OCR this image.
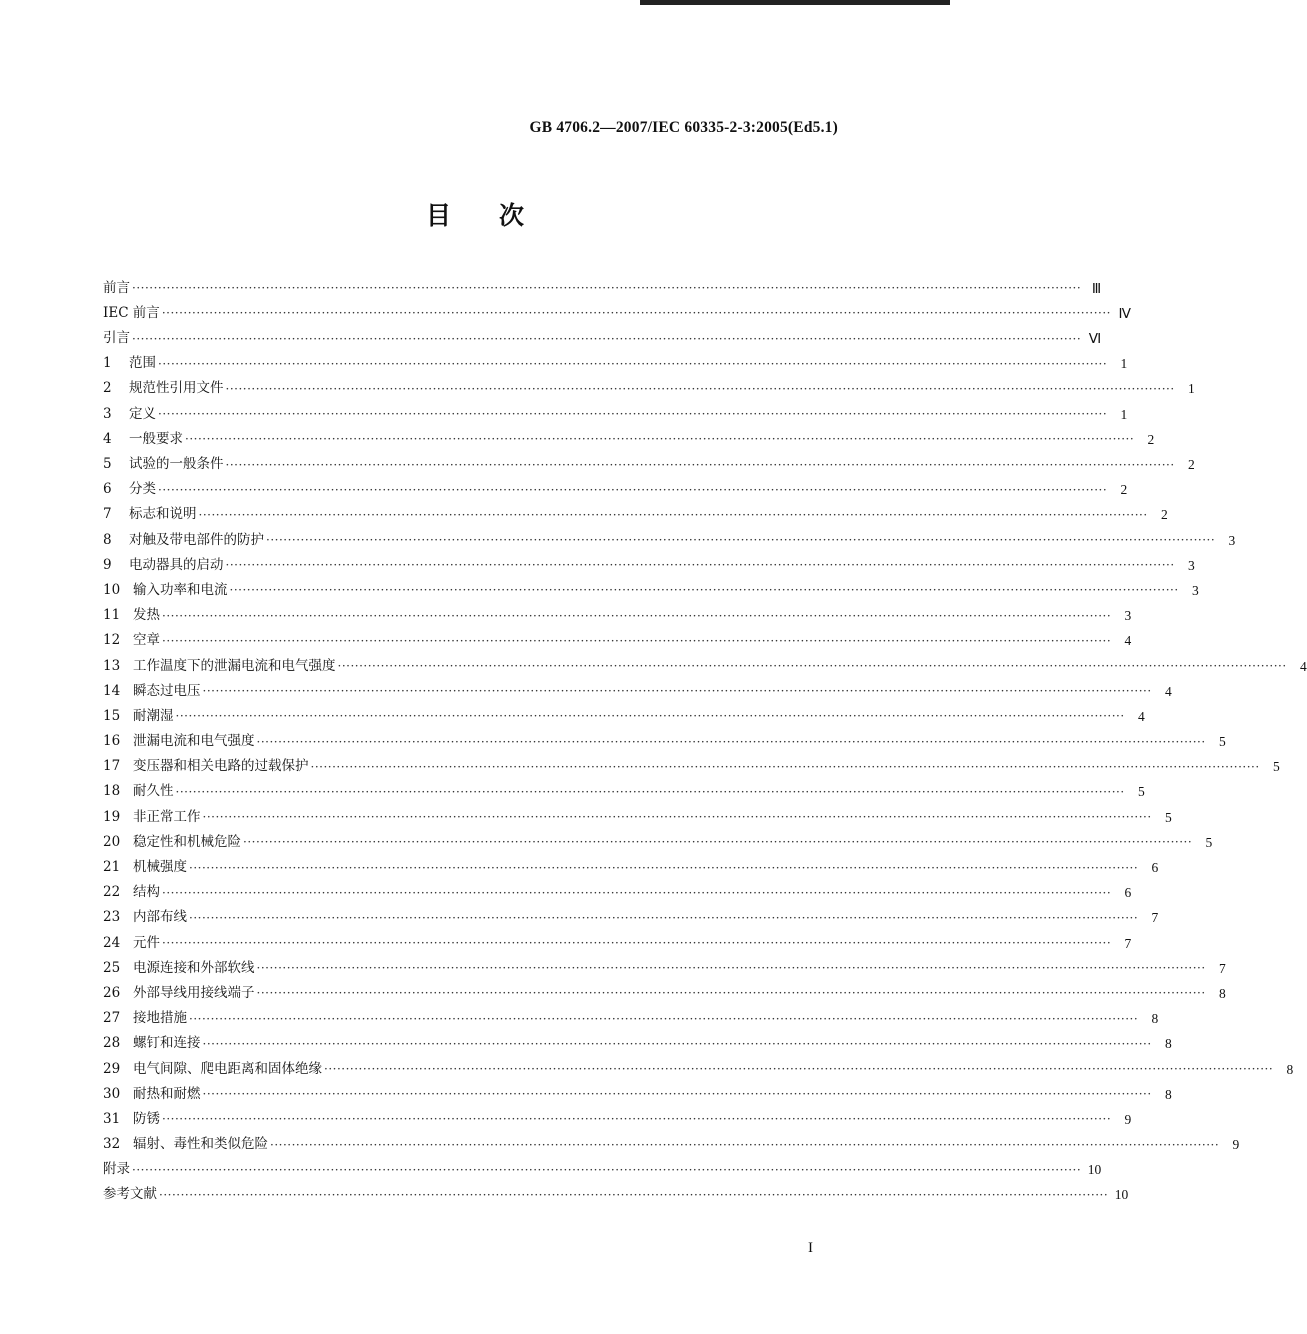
GB 4706.2—2007/IEC 60335-2-3:2005(Ed5.1)
目次
前言 ···························································································································································································································· Ⅲ
IEC 前言 ···························································································································································································································· Ⅳ
引言 ···························································································································································································································· Ⅵ
1	范围 ···························································································································································································································· 1
2	规范性引用文件 ···························································································································································································································· 1
3	定义 ···························································································································································································································· 1
4	一般要求 ···························································································································································································································· 2
5	试验的一般条件 ···························································································································································································································· 2
6	分类 ···························································································································································································································· 2
7	标志和说明 ···························································································································································································································· 2
8	对触及带电部件的防护 ···························································································································································································································· 3
9	电动器具的启动 ···························································································································································································································· 3
10 输入功率和电流 ···························································································································································································································· 3
11 发热 ···························································································································································································································· 3
12 空章 ···························································································································································································································· 4
13 工作温度下的泄漏电流和电气强度 ···························································································································································································································· 4
14 瞬态过电压 ···························································································································································································································· 4
15 耐潮湿 ···························································································································································································································· 4
16 泄漏电流和电气强度 ···························································································································································································································· 5
17 变压器和相关电路的过载保护 ···························································································································································································································· 5
18 耐久性 ···························································································································································································································· 5
19 非正常工作 ···························································································································································································································· 5
20 稳定性和机械危险 ···························································································································································································································· 5
21 机械强度 ···························································································································································································································· 6
22 结构 ···························································································································································································································· 6
23 内部布线 ···························································································································································································································· 7
24 元件 ···························································································································································································································· 7
25 电源连接和外部软线 ···························································································································································································································· 7
26 外部导线用接线端子 ···························································································································································································································· 8
27 接地措施 ···························································································································································································································· 8
28 螺钉和连接 ···························································································································································································································· 8
29 电气间隙、爬电距离和固体绝缘 ···························································································································································································································· 8
30 耐热和耐燃 ···························································································································································································································· 8
31 防锈 ···························································································································································································································· 9
32 辐射、毒性和类似危险 ···························································································································································································································· 9
附录 ···························································································································································································································· 10
参考文献 ···························································································································································································································· 10
I
